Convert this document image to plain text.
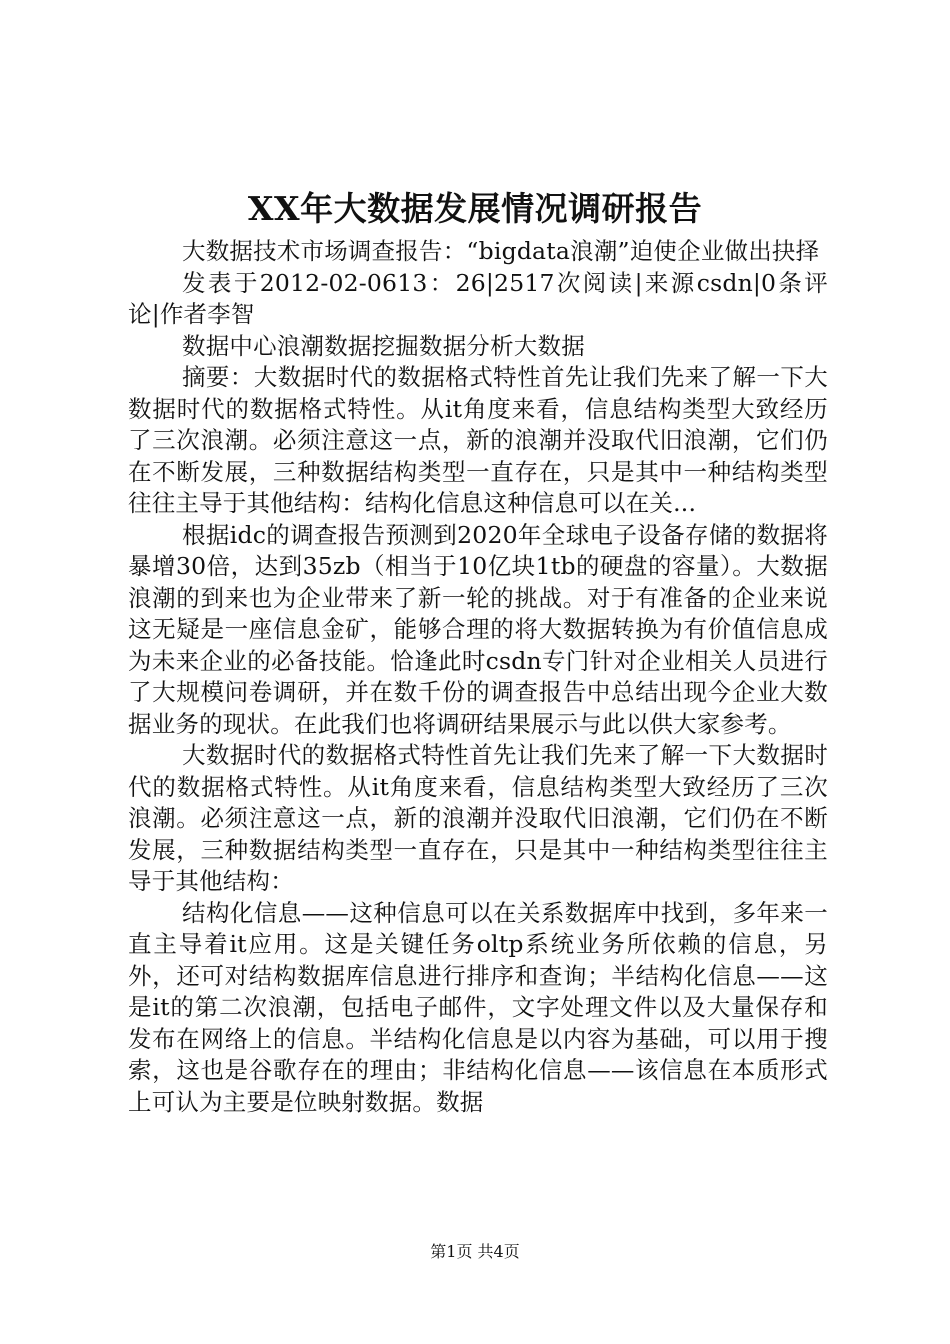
XX年大数据发展情况调研报告

大数据技术市场调查报告：“bigdata浪潮”迫使企业做出抉择

发表于2012-02-0613：26|2517次阅读|来源csdn|0条评论|作者李智

数据中心浪潮数据挖掘数据分析大数据

摘要：大数据时代的数据格式特性首先让我们先来了解一下大数据时代的数据格式特性。从it角度来看，信息结构类型大致经历了三次浪潮。必须注意这一点，新的浪潮并没取代旧浪潮，它们仍在不断发展，三种数据结构类型一直存在，只是其中一种结构类型往往主导于其他结构：结构化信息这种信息可以在关...

根据idc的调查报告预测到2020年全球电子设备存储的数据将暴增30倍，达到35zb（相当于10亿块1tb的硬盘的容量）。大数据浪潮的到来也为企业带来了新一轮的挑战。对于有准备的企业来说这无疑是一座信息金矿，能够合理的将大数据转换为有价值信息成为未来企业的必备技能。恰逢此时csdn专门针对企业相关人员进行了大规模问卷调研，并在数千份的调查报告中总结出现今企业大数据业务的现状。在此我们也将调研结果展示与此以供大家参考。

大数据时代的数据格式特性首先让我们先来了解一下大数据时代的数据格式特性。从it角度来看，信息结构类型大致经历了三次浪潮。必须注意这一点，新的浪潮并没取代旧浪潮，它们仍在不断发展，三种数据结构类型一直存在，只是其中一种结构类型往往主导于其他结构：

结构化信息——这种信息可以在关系数据库中找到，多年来一直主导着it应用。这是关键任务oltp系统业务所依赖的信息，另外，还可对结构数据库信息进行排序和查询；半结构化信息——这是it的第二次浪潮，包括电子邮件，文字处理文件以及大量保存和发布在网络上的信息。半结构化信息是以内容为基础，可以用于搜索，这也是谷歌存在的理由；非结构化信息——该信息在本质形式上可认为主要是位映射数据。数据

第1页 共4页
